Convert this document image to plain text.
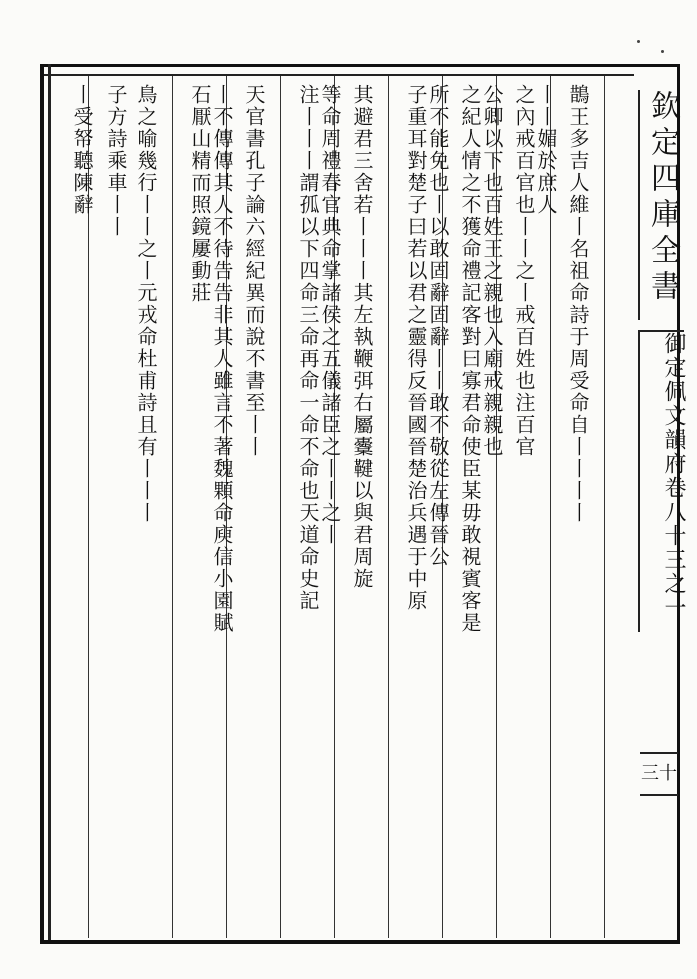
欽定四庫全書
御定佩文韻府
卷八十三之一
三十
鵲王多吉人維丨名祖命詩于周受命自丨丨丨丨
丨丨媚於庶人
之內戒百官也丨丨之丨戒百姓也注百官
公卿以下也百姓王之親也入廟戒親親也
之紀人情之不獲命禮記客對曰寡君命使臣某毋敢視賓客是
所不能免也丨以敢固辭固辭丨丨敢不敬從左傳晉公
子重耳對楚子曰若以君之靈得反晉國晉楚治兵遇于中原
其避君三舍若丨丨丨其左執鞭弭右屬櫜鞬以與君周旋
等命周禮春官典命掌諸侯之五儀諸臣之丨丨之丨
注丨丨丨謂孤以下四命三命再命一命不命也天道命史記
天官書孔子論六經紀異而說不書至丨丨
丨不傳傳其人不待告告非其人雖言不著魏顆命庾信小園賦
石厭山精而照鏡屢動莊
鳥之喻幾行丨丨之丨元戎命杜甫詩且有丨丨丨
子方詩乘車丨丨
丨受帑聽陳辭
